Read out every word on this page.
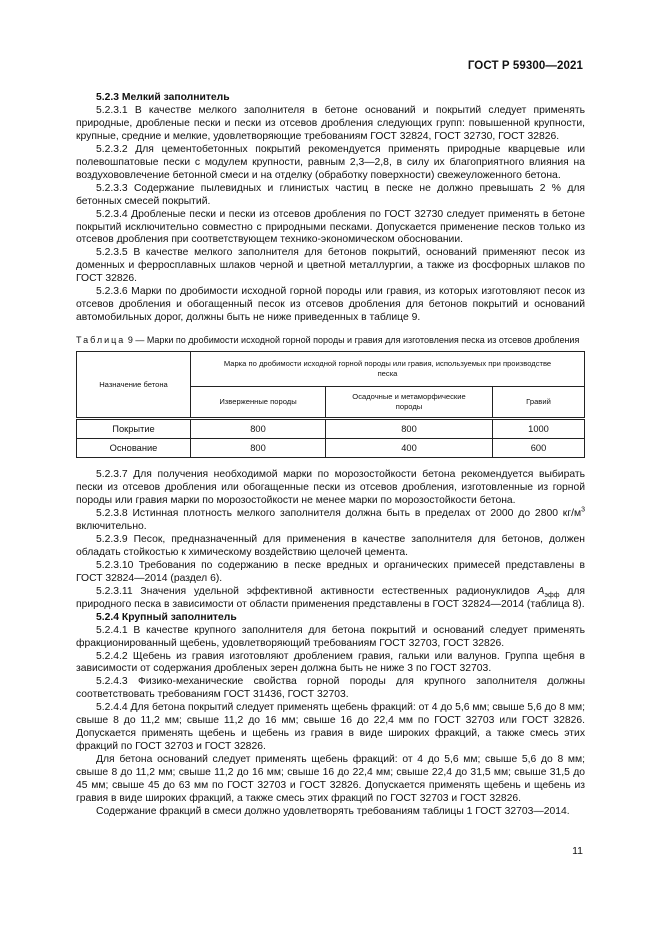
ГОСТ Р 59300—2021

5.2.3 Мелкий заполнитель

5.2.3.1 В качестве мелкого заполнителя в бетоне оснований и покрытий следует применять природные, дробленые пески и пески из отсевов дробления следующих групп: повышенной крупности, крупные, средние и мелкие, удовлетворяющие требованиям ГОСТ 32824, ГОСТ 32730, ГОСТ 32826.

5.2.3.2 Для цементобетонных покрытий рекомендуется применять природные кварцевые или полевошпатовые пески с модулем крупности, равным 2,3—2,8, в силу их благоприятного влияния на воздухововлечение бетонной смеси и на отделку (обработку поверхности) свежеуложенного бетона.

5.2.3.3 Содержание пылевидных и глинистых частиц в песке не должно превышать 2 % для бетонных смесей покрытий.

5.2.3.4 Дробленые пески и пески из отсевов дробления по ГОСТ 32730 следует применять в бетоне покрытий исключительно совместно с природными песками. Допускается применение песков только из отсевов дробления при соответствующем технико-экономическом обосновании.

5.2.3.5 В качестве мелкого заполнителя для бетонов покрытий, оснований применяют песок из доменных и ферросплавных шлаков черной и цветной металлургии, а также из фосфорных шлаков по ГОСТ 32826.

5.2.3.6 Марки по дробимости исходной горной породы или гравия, из которых изготовляют песок из отсевов дробления и обогащенный песок из отсевов дробления для бетонов покрытий и оснований автомобильных дорог, должны быть не ниже приведенных в таблице 9.

Таблица 9 — Марки по дробимости исходной горной породы и гравия для изготовления песка из отсевов дробления

Назначение бетона	Марка по дробимости исходной горной породы или гравия, используемых при производстве песка		
	Изверженные породы	Осадочные и метаморфические породы	Гравий
Покрытие	800	800	1000
Основание	800	400	600

5.2.3.7 Для получения необходимой марки по морозостойкости бетона рекомендуется выбирать пески из отсевов дробления или обогащенные пески из отсевов дробления, изготовленные из горной породы или гравия марки по морозостойкости не менее марки по морозостойкости бетона.

5.2.3.8 Истинная плотность мелкого заполнителя должна быть в пределах от 2000 до 2800 $кг/м^3$ включительно.

5.2.3.9 Песок, предназначенный для применения в качестве заполнителя для бетонов, должен обладать стойкостью к химическому воздействию щелочей цемента.

5.2.3.10 Требования по содержанию в песке вредных и органических примесей представлены в ГОСТ 32824—2014 (раздел 6).

5.2.3.11 Значения удельной эффективной активности естественных радионуклидов $А_{эфф}$ для природного песка в зависимости от области применения представлены в ГОСТ 32824—2014 (таблица 8).

5.2.4 Крупный заполнитель

5.2.4.1 В качестве крупного заполнителя для бетона покрытий и оснований следует применять фракционированный щебень, удовлетворяющий требованиям ГОСТ 32703, ГОСТ 32826.

5.2.4.2 Щебень из гравия изготовляют дроблением гравия, гальки или валунов. Группа щебня в зависимости от содержания дробленых зерен должна быть не ниже 3 по ГОСТ 32703.

5.2.4.3 Физико-механические свойства горной породы для крупного заполнителя должны соответствовать требованиям ГОСТ 31436, ГОСТ 32703.

5.2.4.4 Для бетона покрытий следует применять щебень фракций: от 4 до 5,6 мм; свыше 5,6 до 8 мм; свыше 8 до 11,2 мм; свыше 11,2 до 16 мм; свыше 16 до 22,4 мм по ГОСТ 32703 или ГОСТ 32826. Допускается применять щебень и щебень из гравия в виде широких фракций, а также смесь этих фракций по ГОСТ 32703 и ГОСТ 32826.

Для бетона оснований следует применять щебень фракций: от 4 до 5,6 мм; свыше 5,6 до 8 мм; свыше 8 до 11,2 мм; свыше 11,2 до 16 мм; свыше 16 до 22,4 мм; свыше 22,4 до 31,5 мм; свыше 31,5 до 45 мм; свыше 45 до 63 мм по ГОСТ 32703 и ГОСТ 32826. Допускается применять щебень и щебень из гравия в виде широких фракций, а также смесь этих фракций по ГОСТ 32703 и ГОСТ 32826.

Содержание фракций в смеси должно удовлетворять требованиям таблицы 1 ГОСТ 32703—2014.

11
